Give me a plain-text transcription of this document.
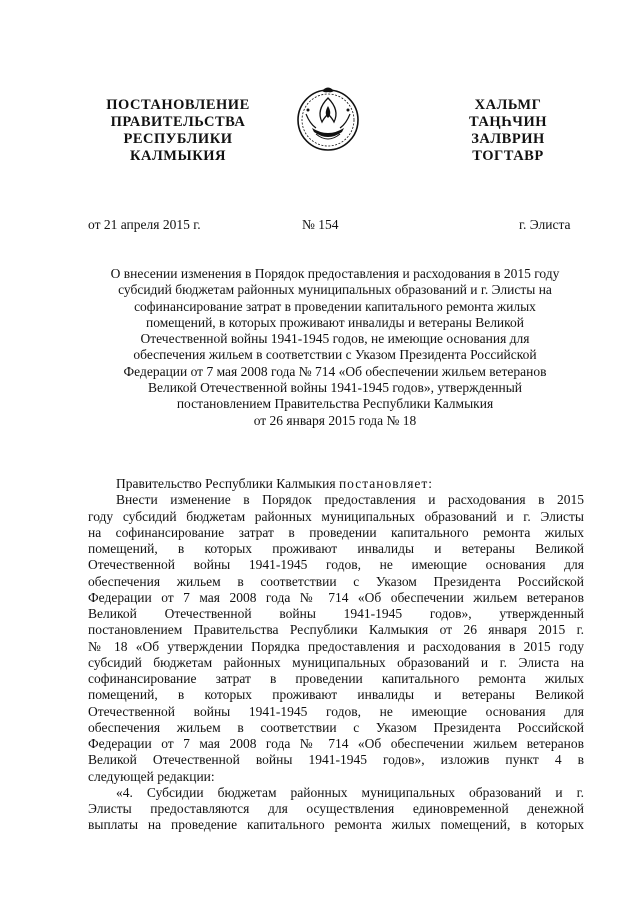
ПОСТАНОВЛЕНИЕ
ПРАВИТЕЛЬСТВА
РЕСПУБЛИКИ
КАЛМЫКИЯ
ХАЛЬМГ
ТАҢҺЧИН
ЗАЛВРИН
ТОГТАВР
от 21 апреля 2015 г.	№ 154	г. Элиста
О внесении изменения в Порядок предоставления и расходования в 2015 году
субсидий бюджетам районных муниципальных образований и г. Элисты на
софинансирование затрат в проведении капитального ремонта жилых
помещений, в которых проживают инвалиды и ветераны Великой
Отечественной войны 1941-1945 годов, не имеющие основания для
обеспечения жильем в соответствии с Указом Президента Российской
Федерации от 7 мая 2008 года № 714 «Об обеспечении жильем ветеранов
Великой Отечественной войны 1941-1945 годов», утвержденный
постановлением Правительства Республики Калмыкия
от 26 января 2015 года № 18
Правительство Республики Калмыкия постановляет:
Внести изменение в Порядок предоставления и расходования в 2015
году субсидий бюджетам районных муниципальных образований и г. Элисты
на софинансирование затрат в проведении капитального ремонта жилых
помещений, в которых проживают инвалиды и ветераны Великой
Отечественной войны 1941-1945 годов, не имеющие основания для
обеспечения жильем в соответствии с Указом Президента Российской
Федерации от 7 мая 2008 года № 714 «Об обеспечении жильем ветеранов
Великой Отечественной войны 1941-1945 годов», утвержденный
постановлением Правительства Республики Калмыкия от 26 января 2015 г.
№ 18 «Об утверждении Порядка предоставления и расходования в 2015 году
субсидий бюджетам районных муниципальных образований и г. Элиста на
софинансирование затрат в проведении капитального ремонта жилых
помещений, в которых проживают инвалиды и ветераны Великой
Отечественной войны 1941-1945 годов, не имеющие основания для
обеспечения жильем в соответствии с Указом Президента Российской
Федерации от 7 мая 2008 года № 714 «Об обеспечении жильем ветеранов
Великой Отечественной войны 1941-1945 годов», изложив пункт 4 в
следующей редакции:
«4. Субсидии бюджетам районных муниципальных образований и г.
Элисты предоставляются для осуществления единовременной денежной
выплаты на проведение капитального ремонта жилых помещений, в которых
